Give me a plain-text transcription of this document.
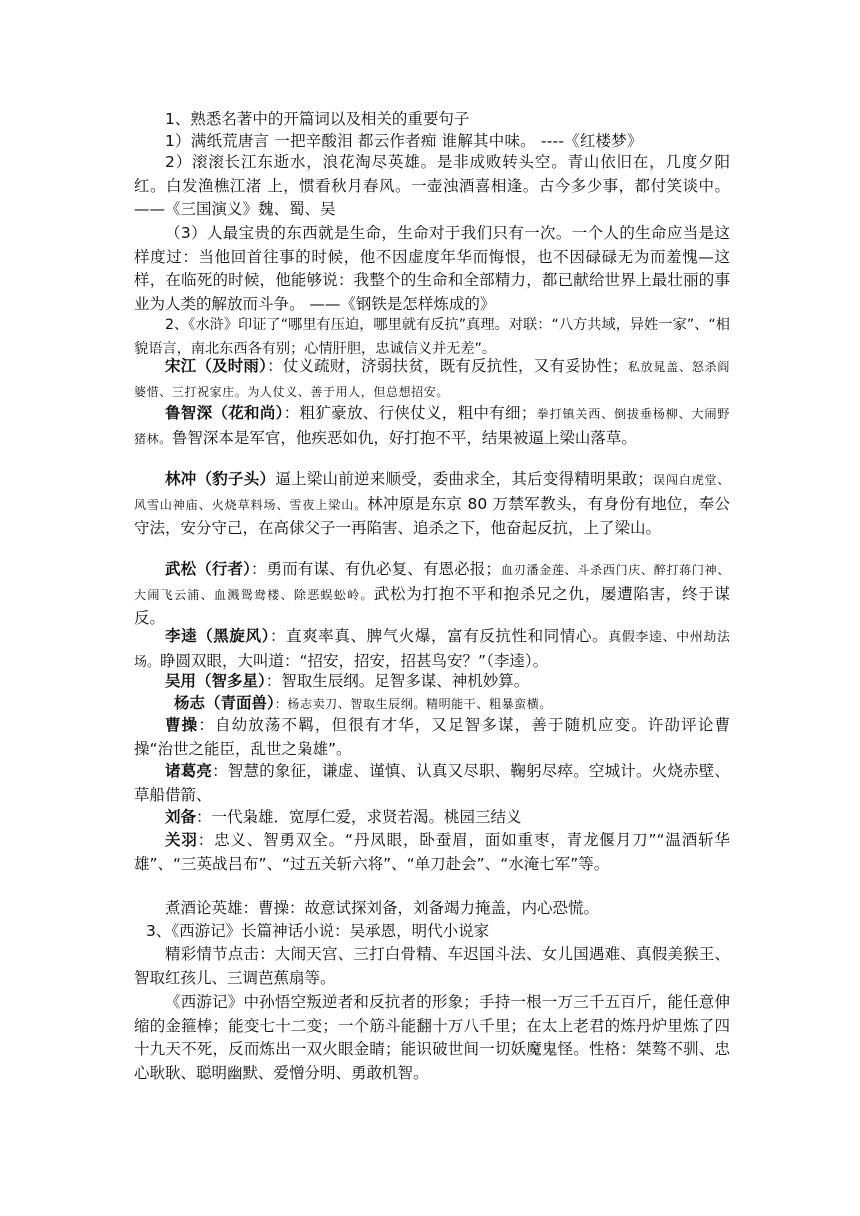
1、熟悉名著中的开篇词以及相关的重要句子

1）满纸荒唐言 一把辛酸泪 都云作者痴 谁解其中味。 ----《红楼梦》

2）滚滚长江东逝水，浪花淘尽英雄。是非成败转头空。青山依旧在，几度夕阳红。白发渔樵江渚 上，惯看秋月春风。一壶浊酒喜相逢。古今多少事，都付笑谈中。——《三国演义》魏、蜀、吴

（3）人最宝贵的东西就是生命，生命对于我们只有一次。一个人的生命应当是这样度过：当他回首往事的时候，他不因虚度年华而悔恨，也不因碌碌无为而羞愧—这样，在临死的时候，他能够说：我整个的生命和全部精力，都已献给世界上最壮丽的事业为人类的解放而斗争。 ——《钢铁是怎样炼成的》

2、《水浒》印证了“哪里有压迫，哪里就有反抗”真理。对联：“八方共域，异姓一家”、“相貌语言，南北东西各有别；心情肝胆，忠诚信义并无差”。

宋江（及时雨）：仗义疏财，济弱扶贫，既有反抗性，又有妥协性；私放晁盖、怒杀阎婆惜、三打祝家庄。为人仗义、善于用人，但总想招安。

鲁智深（花和尚）：粗犷豪放、行侠仗义，粗中有细；拳打镇关西、倒拔垂杨柳、大闹野猪林。鲁智深本是军官，他疾恶如仇，好打抱不平，结果被逼上梁山落草。

林冲（豹子头）逼上梁山前逆来顺受，委曲求全，其后变得精明果敢；误闯白虎堂、风雪山神庙、火烧草料场、雪夜上梁山。林冲原是东京 80 万禁军教头，有身份有地位，奉公守法，安分守己，在高俅父子一再陷害、追杀之下，他奋起反抗，上了梁山。

武松（行者）：勇而有谋、有仇必复、有恩必报；血刃潘金莲、斗杀西门庆、醉打蒋门神、大闹飞云浦、血溅鸳鸯楼、除恶蜈蚣岭。武松为打抱不平和抱杀兄之仇，屡遭陷害，终于谋反。

李逵（黑旋风）：直爽率真、脾气火爆，富有反抗性和同情心。真假李逵、中州劫法场。睁圆双眼，大叫道：“招安，招安，招甚鸟安？”（李逵）。

吴用（智多星）：智取生辰纲。足智多谋、神机妙算。

杨志（青面兽）：杨志卖刀、智取生辰纲。精明能干、粗暴蛮横。

曹操：自幼放荡不羁，但很有才华，又足智多谋，善于随机应变。许劭评论曹操“治世之能臣，乱世之枭雄”。

诸葛亮：智慧的象征，谦虚、谨慎、认真又尽职、鞠躬尽瘁。空城计。火烧赤壁、草船借箭、

刘备：一代枭雄．宽厚仁爱，求贤若渴。桃园三结义

关羽：忠义、智勇双全。“丹凤眼，卧蚕眉，面如重枣，青龙偃月刀”“温酒斩华雄”、“三英战吕布”、“过五关斩六将”、“单刀赴会”、“水淹七军”等。

煮酒论英雄：曹操：故意试探刘备，刘备竭力掩盖，内心恐慌。

3、《西游记》长篇神话小说：吴承恩，明代小说家

精彩情节点击：大闹天宫、三打白骨精、车迟国斗法、女儿国遇难、真假美猴王、智取红孩儿、三调芭蕉扇等。

《西游记》中孙悟空叛逆者和反抗者的形象；手持一根一万三千五百斤，能任意伸缩的金箍棒；能变七十二变；一个筋斗能翻十万八千里；在太上老君的炼丹炉里炼了四十九天不死，反而炼出一双火眼金睛；能识破世间一切妖魔鬼怪。性格：桀骜不驯、忠心耿耿、聪明幽默、爱憎分明、勇敢机智。
